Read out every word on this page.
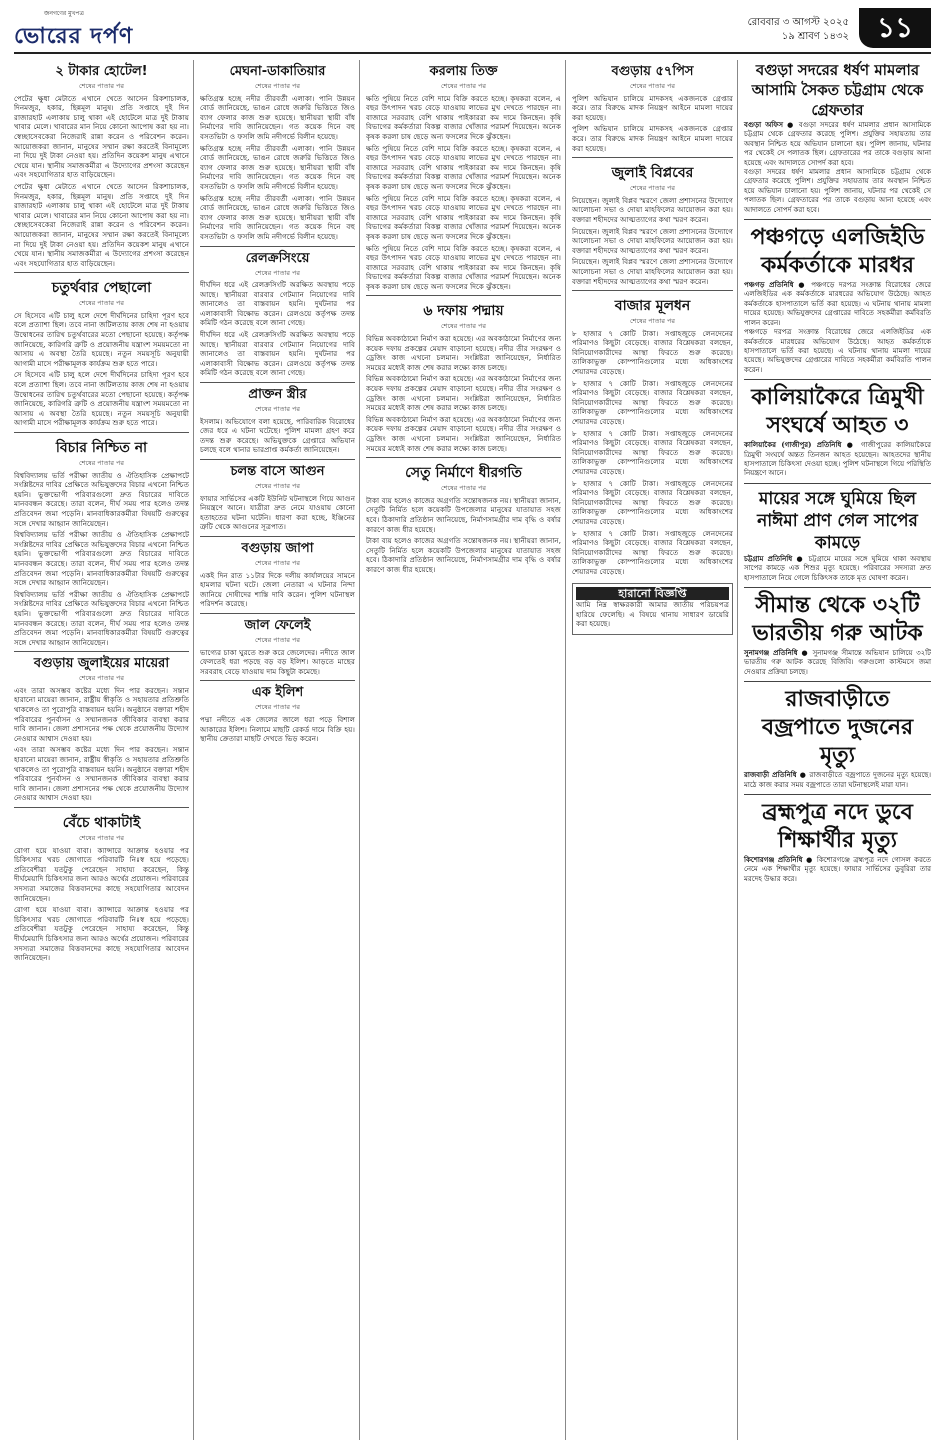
জনগণের মুখপত্র
ভোরের দর্পণ
রোববার ৩ আগস্ট ২০২৫
১৯ শ্রাবণ ১৪৩২ ১১
২ টাকার হোটেল!
শেষের পাতার পর

পেটের ক্ষুধা মেটাতে এখানে খেতে আসেন রিকশাচালক, দিনমজুর, হকার, ছিন্নমূল মানুষ। প্রতি সপ্তাহে দুই দিন রাজারহাট এলাকায় চালু থাকা এই হোটেলে মাত্র দুই টাকায় খাবার মেলে। খাবারের মান নিয়ে কোনো আপোষ করা হয় না। স্বেচ্ছাসেবকেরা নিজেরাই রান্না করেন ও পরিবেশন করেন। আয়োজকরা জানান, মানুষের সম্মান রক্ষা করতেই বিনামূল্যে না দিয়ে দুই টাকা নেওয়া হয়। প্রতিদিন কয়েকশ মানুষ এখানে খেয়ে যান। স্থানীয় সমাজকর্মীরা এ উদ্যোগের প্রশংসা করেছেন এবং সহযোগিতার হাত বাড়িয়েছেন।

পেটের ক্ষুধা মেটাতে এখানে খেতে আসেন রিকশাচালক, দিনমজুর, হকার, ছিন্নমূল মানুষ। প্রতি সপ্তাহে দুই দিন রাজারহাট এলাকায় চালু থাকা এই হোটেলে মাত্র দুই টাকায় খাবার মেলে। খাবারের মান নিয়ে কোনো আপোষ করা হয় না। স্বেচ্ছাসেবকেরা নিজেরাই রান্না করেন ও পরিবেশন করেন। আয়োজকরা জানান, মানুষের সম্মান রক্ষা করতেই বিনামূল্যে না দিয়ে দুই টাকা নেওয়া হয়। প্রতিদিন কয়েকশ মানুষ এখানে খেয়ে যান। স্থানীয় সমাজকর্মীরা এ উদ্যোগের প্রশংসা করেছেন এবং সহযোগিতার হাত বাড়িয়েছেন।

চতুর্থবার পেছালো
শেষের পাতার পর

সে হিসেবে এটি চালু হলে দেশে দীর্ঘদিনের চাহিদা পূরণ হবে বলে প্রত্যাশা ছিল। তবে নানা জটিলতায় কাজ শেষ না হওয়ায় উদ্বোধনের তারিখ চতুর্থবারের মতো পেছানো হয়েছে। কর্তৃপক্ষ জানিয়েছে, কারিগরি ত্রুটি ও প্রয়োজনীয় যন্ত্রাংশ সময়মতো না আসায় এ অবস্থা তৈরি হয়েছে। নতুন সময়সূচি অনুযায়ী আগামী মাসে পরীক্ষামূলক কার্যক্রম শুরু হতে পারে।

সে হিসেবে এটি চালু হলে দেশে দীর্ঘদিনের চাহিদা পূরণ হবে বলে প্রত্যাশা ছিল। তবে নানা জটিলতায় কাজ শেষ না হওয়ায় উদ্বোধনের তারিখ চতুর্থবারের মতো পেছানো হয়েছে। কর্তৃপক্ষ জানিয়েছে, কারিগরি ত্রুটি ও প্রয়োজনীয় যন্ত্রাংশ সময়মতো না আসায় এ অবস্থা তৈরি হয়েছে। নতুন সময়সূচি অনুযায়ী আগামী মাসে পরীক্ষামূলক কার্যক্রম শুরু হতে পারে।

বিচার নিশ্চিত না
শেষের পাতার পর

বিশ্ববিদ্যালয় ভর্তি পরীক্ষা জাতীয় ও ঐতিহাসিক প্রেক্ষাপটে সংশ্লিষ্টদের দাবির প্রেক্ষিতে অভিযুক্তদের বিচার এখনো নিশ্চিত হয়নি। ভুক্তভোগী পরিবারগুলো দ্রুত বিচারের দাবিতে মানববন্ধন করেছে। তারা বলেন, দীর্ঘ সময় পার হলেও তদন্ত প্রতিবেদন জমা পড়েনি। মানবাধিকারকর্মীরা বিষয়টি গুরুত্বের সঙ্গে দেখার আহ্বান জানিয়েছেন।

বিশ্ববিদ্যালয় ভর্তি পরীক্ষা জাতীয় ও ঐতিহাসিক প্রেক্ষাপটে সংশ্লিষ্টদের দাবির প্রেক্ষিতে অভিযুক্তদের বিচার এখনো নিশ্চিত হয়নি। ভুক্তভোগী পরিবারগুলো দ্রুত বিচারের দাবিতে মানববন্ধন করেছে। তারা বলেন, দীর্ঘ সময় পার হলেও তদন্ত প্রতিবেদন জমা পড়েনি। মানবাধিকারকর্মীরা বিষয়টি গুরুত্বের সঙ্গে দেখার আহ্বান জানিয়েছেন।

বিশ্ববিদ্যালয় ভর্তি পরীক্ষা জাতীয় ও ঐতিহাসিক প্রেক্ষাপটে সংশ্লিষ্টদের দাবির প্রেক্ষিতে অভিযুক্তদের বিচার এখনো নিশ্চিত হয়নি। ভুক্তভোগী পরিবারগুলো দ্রুত বিচারের দাবিতে মানববন্ধন করেছে। তারা বলেন, দীর্ঘ সময় পার হলেও তদন্ত প্রতিবেদন জমা পড়েনি। মানবাধিকারকর্মীরা বিষয়টি গুরুত্বের সঙ্গে দেখার আহ্বান জানিয়েছেন।

বগুড়ায় জুলাইয়ের মায়েরা
শেষের পাতার পর

এবং তারা অসম্ভব কষ্টের মধ্যে দিন পার করছেন। সন্তান হারানো মায়েরা জানান, রাষ্ট্রীয় স্বীকৃতি ও সহায়তার প্রতিশ্রুতি থাকলেও তা পুরোপুরি বাস্তবায়ন হয়নি। অনুষ্ঠানে বক্তারা শহীদ পরিবারের পুনর্বাসন ও সম্মানজনক জীবিকার ব্যবস্থা করার দাবি জানান। জেলা প্রশাসনের পক্ষ থেকে প্রয়োজনীয় উদ্যোগ নেওয়ার আশ্বাস দেওয়া হয়।

এবং তারা অসম্ভব কষ্টের মধ্যে দিন পার করছেন। সন্তান হারানো মায়েরা জানান, রাষ্ট্রীয় স্বীকৃতি ও সহায়তার প্রতিশ্রুতি থাকলেও তা পুরোপুরি বাস্তবায়ন হয়নি। অনুষ্ঠানে বক্তারা শহীদ পরিবারের পুনর্বাসন ও সম্মানজনক জীবিকার ব্যবস্থা করার দাবি জানান। জেলা প্রশাসনের পক্ষ থেকে প্রয়োজনীয় উদ্যোগ নেওয়ার আশ্বাস দেওয়া হয়।

বেঁচে থাকাটাই
শেষের পাতার পর

রোগা হয়ে যাওয়া বাবা। ক্যান্সারে আক্রান্ত হওয়ার পর চিকিৎসার খরচ জোগাতে পরিবারটি নিঃস্ব হয়ে পড়েছে। প্রতিবেশীরা যতটুকু পেরেছেন সাহায্য করেছেন, কিন্তু দীর্ঘমেয়াদি চিকিৎসার জন্য আরও অর্থের প্রয়োজন। পরিবারের সদস্যরা সমাজের বিত্তবানদের কাছে সহযোগিতার আবেদন জানিয়েছেন।

রোগা হয়ে যাওয়া বাবা। ক্যান্সারে আক্রান্ত হওয়ার পর চিকিৎসার খরচ জোগাতে পরিবারটি নিঃস্ব হয়ে পড়েছে। প্রতিবেশীরা যতটুকু পেরেছেন সাহায্য করেছেন, কিন্তু দীর্ঘমেয়াদি চিকিৎসার জন্য আরও অর্থের প্রয়োজন। পরিবারের সদস্যরা সমাজের বিত্তবানদের কাছে সহযোগিতার আবেদন জানিয়েছেন।

মেঘনা-ডাকাতিয়ার
শেষের পাতার পর

ক্ষতিগ্রস্ত হচ্ছে নদীর তীরবর্তী এলাকা। পানি উন্নয়ন বোর্ড জানিয়েছে, ভাঙন রোধে জরুরি ভিত্তিতে জিও ব্যাগ ফেলার কাজ শুরু হয়েছে। স্থানীয়রা স্থায়ী বাঁধ নির্মাণের দাবি জানিয়েছেন। গত কয়েক দিনে বহু বসতভিটা ও ফসলি জমি নদীগর্ভে বিলীন হয়েছে।

ক্ষতিগ্রস্ত হচ্ছে নদীর তীরবর্তী এলাকা। পানি উন্নয়ন বোর্ড জানিয়েছে, ভাঙন রোধে জরুরি ভিত্তিতে জিও ব্যাগ ফেলার কাজ শুরু হয়েছে। স্থানীয়রা স্থায়ী বাঁধ নির্মাণের দাবি জানিয়েছেন। গত কয়েক দিনে বহু বসতভিটা ও ফসলি জমি নদীগর্ভে বিলীন হয়েছে।

ক্ষতিগ্রস্ত হচ্ছে নদীর তীরবর্তী এলাকা। পানি উন্নয়ন বোর্ড জানিয়েছে, ভাঙন রোধে জরুরি ভিত্তিতে জিও ব্যাগ ফেলার কাজ শুরু হয়েছে। স্থানীয়রা স্থায়ী বাঁধ নির্মাণের দাবি জানিয়েছেন। গত কয়েক দিনে বহু বসতভিটা ও ফসলি জমি নদীগর্ভে বিলীন হয়েছে।

রেলক্রসিংয়ে
শেষের পাতার পর

দীর্ঘদিন ধরে এই রেলক্রসিংটি অরক্ষিত অবস্থায় পড়ে আছে। স্থানীয়রা বারবার গেটম্যান নিয়োগের দাবি জানালেও তা বাস্তবায়ন হয়নি। দুর্ঘটনার পর এলাকাবাসী বিক্ষোভ করেন। রেলওয়ে কর্তৃপক্ষ তদন্ত কমিটি গঠন করেছে বলে জানা গেছে।

দীর্ঘদিন ধরে এই রেলক্রসিংটি অরক্ষিত অবস্থায় পড়ে আছে। স্থানীয়রা বারবার গেটম্যান নিয়োগের দাবি জানালেও তা বাস্তবায়ন হয়নি। দুর্ঘটনার পর এলাকাবাসী বিক্ষোভ করেন। রেলওয়ে কর্তৃপক্ষ তদন্ত কমিটি গঠন করেছে বলে জানা গেছে।

প্রাক্তন স্ত্রীর
শেষের পাতার পর

ইসলাম। অভিযোগে বলা হয়েছে, পারিবারিক বিরোধের জের ধরে এ ঘটনা ঘটেছে। পুলিশ মামলা গ্রহণ করে তদন্ত শুরু করেছে। অভিযুক্তকে গ্রেপ্তারে অভিযান চলছে বলে থানার ভারপ্রাপ্ত কর্মকর্তা জানিয়েছেন।

চলন্ত বাসে আগুন
শেষের পাতার পর

ফায়ার সার্ভিসের একটি ইউনিট ঘটনাস্থলে গিয়ে আগুন নিয়ন্ত্রণে আনে। যাত্রীরা দ্রুত নেমে যাওয়ায় কোনো হতাহতের ঘটনা ঘটেনি। ধারণা করা হচ্ছে, ইঞ্জিনের ত্রুটি থেকে আগুনের সূত্রপাত।

বগুড়ায় জাপা
শেষের পাতার পর

একই দিন রাত ১১টার দিকে দলীয় কার্যালয়ের সামনে হামলার ঘটনা ঘটে। জেলা নেতারা এ ঘটনার নিন্দা জানিয়ে দোষীদের শাস্তি দাবি করেন। পুলিশ ঘটনাস্থল পরিদর্শন করেছে।

জাল ফেলেই
শেষের পাতার পর

ভাগ্যের চাকা ঘুরতে শুরু করে জেলেদের। নদীতে জাল ফেলতেই ধরা পড়ছে বড় বড় ইলিশ। আড়তে মাছের সরবরাহ বেড়ে যাওয়ায় দাম কিছুটা কমেছে।

এক ইলিশ
শেষের পাতার পর

পদ্মা নদীতে এক জেলের জালে ধরা পড়ে বিশাল আকারের ইলিশ। নিলামে মাছটি রেকর্ড দামে বিক্রি হয়। স্থানীয় ক্রেতারা মাছটি দেখতে ভিড় করেন।

করলায় তিক্ত
শেষের পাতার পর

ক্ষতি পুষিয়ে নিতে বেশি দামে বিক্রি করতে হচ্ছে। কৃষকরা বলেন, এ বছর উৎপাদন খরচ বেড়ে যাওয়ায় লাভের মুখ দেখতে পারছেন না। বাজারে সরবরাহ বেশি থাকায় পাইকাররা কম দামে কিনছেন। কৃষি বিভাগের কর্মকর্তারা বিকল্প বাজার খোঁজার পরামর্শ দিয়েছেন। অনেক কৃষক করলা চাষ ছেড়ে অন্য ফসলের দিকে ঝুঁকছেন।

ক্ষতি পুষিয়ে নিতে বেশি দামে বিক্রি করতে হচ্ছে। কৃষকরা বলেন, এ বছর উৎপাদন খরচ বেড়ে যাওয়ায় লাভের মুখ দেখতে পারছেন না। বাজারে সরবরাহ বেশি থাকায় পাইকাররা কম দামে কিনছেন। কৃষি বিভাগের কর্মকর্তারা বিকল্প বাজার খোঁজার পরামর্শ দিয়েছেন। অনেক কৃষক করলা চাষ ছেড়ে অন্য ফসলের দিকে ঝুঁকছেন।

ক্ষতি পুষিয়ে নিতে বেশি দামে বিক্রি করতে হচ্ছে। কৃষকরা বলেন, এ বছর উৎপাদন খরচ বেড়ে যাওয়ায় লাভের মুখ দেখতে পারছেন না। বাজারে সরবরাহ বেশি থাকায় পাইকাররা কম দামে কিনছেন। কৃষি বিভাগের কর্মকর্তারা বিকল্প বাজার খোঁজার পরামর্শ দিয়েছেন। অনেক কৃষক করলা চাষ ছেড়ে অন্য ফসলের দিকে ঝুঁকছেন।

ক্ষতি পুষিয়ে নিতে বেশি দামে বিক্রি করতে হচ্ছে। কৃষকরা বলেন, এ বছর উৎপাদন খরচ বেড়ে যাওয়ায় লাভের মুখ দেখতে পারছেন না। বাজারে সরবরাহ বেশি থাকায় পাইকাররা কম দামে কিনছেন। কৃষি বিভাগের কর্মকর্তারা বিকল্প বাজার খোঁজার পরামর্শ দিয়েছেন। অনেক কৃষক করলা চাষ ছেড়ে অন্য ফসলের দিকে ঝুঁকছেন।

৬ দফায় পদ্মায়
শেষের পাতার পর

বিভিন্ন অবকাঠামো নির্মাণ করা হয়েছে। এর অবকাঠামো নির্মাণের জন্য কয়েক দফায় প্রকল্পের মেয়াদ বাড়ানো হয়েছে। নদীর তীর সংরক্ষণ ও ড্রেজিং কাজ এখনো চলমান। সংশ্লিষ্টরা জানিয়েছেন, নির্ধারিত সময়ের মধ্যেই কাজ শেষ করার লক্ষ্যে কাজ চলছে।

বিভিন্ন অবকাঠামো নির্মাণ করা হয়েছে। এর অবকাঠামো নির্মাণের জন্য কয়েক দফায় প্রকল্পের মেয়াদ বাড়ানো হয়েছে। নদীর তীর সংরক্ষণ ও ড্রেজিং কাজ এখনো চলমান। সংশ্লিষ্টরা জানিয়েছেন, নির্ধারিত সময়ের মধ্যেই কাজ শেষ করার লক্ষ্যে কাজ চলছে।

বিভিন্ন অবকাঠামো নির্মাণ করা হয়েছে। এর অবকাঠামো নির্মাণের জন্য কয়েক দফায় প্রকল্পের মেয়াদ বাড়ানো হয়েছে। নদীর তীর সংরক্ষণ ও ড্রেজিং কাজ এখনো চলমান। সংশ্লিষ্টরা জানিয়েছেন, নির্ধারিত সময়ের মধ্যেই কাজ শেষ করার লক্ষ্যে কাজ চলছে।

সেতু নির্মাণে ধীরগতি
শেষের পাতার পর

টাকা ব্যয় হলেও কাজের অগ্রগতি সন্তোষজনক নয়। স্থানীয়রা জানান, সেতুটি নির্মিত হলে কয়েকটি উপজেলার মানুষের যাতায়াত সহজ হবে। ঠিকাদারি প্রতিষ্ঠান জানিয়েছে, নির্মাণসামগ্রীর দাম বৃদ্ধি ও বর্ষার কারণে কাজ ধীর হয়েছে।

টাকা ব্যয় হলেও কাজের অগ্রগতি সন্তোষজনক নয়। স্থানীয়রা জানান, সেতুটি নির্মিত হলে কয়েকটি উপজেলার মানুষের যাতায়াত সহজ হবে। ঠিকাদারি প্রতিষ্ঠান জানিয়েছে, নির্মাণসামগ্রীর দাম বৃদ্ধি ও বর্ষার কারণে কাজ ধীর হয়েছে।

বগুড়ায় ৫৭পিস
শেষের পাতার পর

পুলিশ অভিযান চালিয়ে মাদকসহ একজনকে গ্রেপ্তার করে। তার বিরুদ্ধে মাদক নিয়ন্ত্রণ আইনে মামলা দায়ের করা হয়েছে।

পুলিশ অভিযান চালিয়ে মাদকসহ একজনকে গ্রেপ্তার করে। তার বিরুদ্ধে মাদক নিয়ন্ত্রণ আইনে মামলা দায়ের করা হয়েছে।

জুলাই বিপ্লবের
শেষের পাতার পর

নিয়েছেন। জুলাই বিপ্লব স্মরণে জেলা প্রশাসনের উদ্যোগে আলোচনা সভা ও দোয়া মাহফিলের আয়োজন করা হয়। বক্তারা শহীদদের আত্মত্যাগের কথা স্মরণ করেন।

নিয়েছেন। জুলাই বিপ্লব স্মরণে জেলা প্রশাসনের উদ্যোগে আলোচনা সভা ও দোয়া মাহফিলের আয়োজন করা হয়। বক্তারা শহীদদের আত্মত্যাগের কথা স্মরণ করেন।

নিয়েছেন। জুলাই বিপ্লব স্মরণে জেলা প্রশাসনের উদ্যোগে আলোচনা সভা ও দোয়া মাহফিলের আয়োজন করা হয়। বক্তারা শহীদদের আত্মত্যাগের কথা স্মরণ করেন।

বাজার মূলধন
শেষের পাতার পর

৮ হাজার ৭ কোটি টাকা। সপ্তাহজুড়ে লেনদেনের পরিমাণও কিছুটা বেড়েছে। বাজার বিশ্লেষকরা বলছেন, বিনিয়োগকারীদের আস্থা ফিরতে শুরু করেছে। তালিকাভুক্ত কোম্পানিগুলোর মধ্যে অধিকাংশের শেয়ারদর বেড়েছে।

৮ হাজার ৭ কোটি টাকা। সপ্তাহজুড়ে লেনদেনের পরিমাণও কিছুটা বেড়েছে। বাজার বিশ্লেষকরা বলছেন, বিনিয়োগকারীদের আস্থা ফিরতে শুরু করেছে। তালিকাভুক্ত কোম্পানিগুলোর মধ্যে অধিকাংশের শেয়ারদর বেড়েছে।

৮ হাজার ৭ কোটি টাকা। সপ্তাহজুড়ে লেনদেনের পরিমাণও কিছুটা বেড়েছে। বাজার বিশ্লেষকরা বলছেন, বিনিয়োগকারীদের আস্থা ফিরতে শুরু করেছে। তালিকাভুক্ত কোম্পানিগুলোর মধ্যে অধিকাংশের শেয়ারদর বেড়েছে।

৮ হাজার ৭ কোটি টাকা। সপ্তাহজুড়ে লেনদেনের পরিমাণও কিছুটা বেড়েছে। বাজার বিশ্লেষকরা বলছেন, বিনিয়োগকারীদের আস্থা ফিরতে শুরু করেছে। তালিকাভুক্ত কোম্পানিগুলোর মধ্যে অধিকাংশের শেয়ারদর বেড়েছে।

৮ হাজার ৭ কোটি টাকা। সপ্তাহজুড়ে লেনদেনের পরিমাণও কিছুটা বেড়েছে। বাজার বিশ্লেষকরা বলছেন, বিনিয়োগকারীদের আস্থা ফিরতে শুরু করেছে। তালিকাভুক্ত কোম্পানিগুলোর মধ্যে অধিকাংশের শেয়ারদর বেড়েছে।

হারানো বিজ্ঞপ্তি

আমি নিম্ন স্বাক্ষরকারী আমার জাতীয় পরিচয়পত্র হারিয়ে ফেলেছি। এ বিষয়ে থানায় সাধারণ ডায়েরি করা হয়েছে।

বগুড়া সদরের ধর্ষণ মামলার আসামি সৈকত চট্টগ্রাম থেকে গ্রেফতার

বগুড়া অফিস ● বগুড়া সদরের ধর্ষণ মামলার প্রধান আসামিকে চট্টগ্রাম থেকে গ্রেফতার করেছে পুলিশ। প্রযুক্তির সহায়তায় তার অবস্থান নিশ্চিত হয়ে অভিযান চালানো হয়। পুলিশ জানায়, ঘটনার পর থেকেই সে পলাতক ছিল। গ্রেফতারের পর তাকে বগুড়ায় আনা হয়েছে এবং আদালতে সোপর্দ করা হবে।

বগুড়া সদরের ধর্ষণ মামলার প্রধান আসামিকে চট্টগ্রাম থেকে গ্রেফতার করেছে পুলিশ। প্রযুক্তির সহায়তায় তার অবস্থান নিশ্চিত হয়ে অভিযান চালানো হয়। পুলিশ জানায়, ঘটনার পর থেকেই সে পলাতক ছিল। গ্রেফতারের পর তাকে বগুড়ায় আনা হয়েছে এবং আদালতে সোপর্দ করা হবে।

পঞ্চগড়ে এলজিইডি কর্মকর্তাকে মারধর

পঞ্চগড় প্রতিনিধি ● পঞ্চগড়ে দরপত্র সংক্রান্ত বিরোধের জেরে এলজিইডির এক কর্মকর্তাকে মারধরের অভিযোগ উঠেছে। আহত কর্মকর্তাকে হাসপাতালে ভর্তি করা হয়েছে। এ ঘটনায় থানায় মামলা দায়ের হয়েছে। অভিযুক্তদের গ্রেপ্তারের দাবিতে সহকর্মীরা কর্মবিরতি পালন করেন।

পঞ্চগড়ে দরপত্র সংক্রান্ত বিরোধের জেরে এলজিইডির এক কর্মকর্তাকে মারধরের অভিযোগ উঠেছে। আহত কর্মকর্তাকে হাসপাতালে ভর্তি করা হয়েছে। এ ঘটনায় থানায় মামলা দায়ের হয়েছে। অভিযুক্তদের গ্রেপ্তারের দাবিতে সহকর্মীরা কর্মবিরতি পালন করেন।

কালিয়াকৈরে ত্রিমুখী সংঘর্ষে আহত ৩

কালিয়াকৈর (গাজীপুর) প্রতিনিধি ● গাজীপুরের কালিয়াকৈরে ত্রিমুখী সংঘর্ষে অন্তত তিনজন আহত হয়েছেন। আহতদের স্থানীয় হাসপাতালে চিকিৎসা দেওয়া হচ্ছে। পুলিশ ঘটনাস্থলে গিয়ে পরিস্থিতি নিয়ন্ত্রণে আনে।

মায়ের সঙ্গে ঘুমিয়ে ছিল নাঈমা প্রাণ গেল সাপের কামড়ে

চট্টগ্রাম প্রতিনিধি ● চট্টগ্রামে মায়ের সঙ্গে ঘুমিয়ে থাকা অবস্থায় সাপের কামড়ে এক শিশুর মৃত্যু হয়েছে। পরিবারের সদস্যরা দ্রুত হাসপাতালে নিয়ে গেলে চিকিৎসক তাকে মৃত ঘোষণা করেন।

সীমান্ত থেকে ৩২টি ভারতীয় গরু আটক

সুনামগঞ্জ প্রতিনিধি ● সুনামগঞ্জ সীমান্তে অভিযান চালিয়ে ৩২টি ভারতীয় গরু আটক করেছে বিজিবি। গরুগুলো কাস্টমসে জমা দেওয়ার প্রক্রিয়া চলছে।

রাজবাড়ীতে বজ্রপাতে দুজনের মৃত্যু

রাজবাড়ী প্রতিনিধি ● রাজবাড়ীতে বজ্রপাতে দুজনের মৃত্যু হয়েছে। মাঠে কাজ করার সময় বজ্রপাতে তারা ঘটনাস্থলেই মারা যান।

ব্রহ্মপুত্র নদে ডুবে শিক্ষার্থীর মৃত্যু

কিশোরগঞ্জ প্রতিনিধি ● কিশোরগঞ্জে ব্রহ্মপুত্র নদে গোসল করতে নেমে এক শিক্ষার্থীর মৃত্যু হয়েছে। ফায়ার সার্ভিসের ডুবুরিরা তার মরদেহ উদ্ধার করে।
